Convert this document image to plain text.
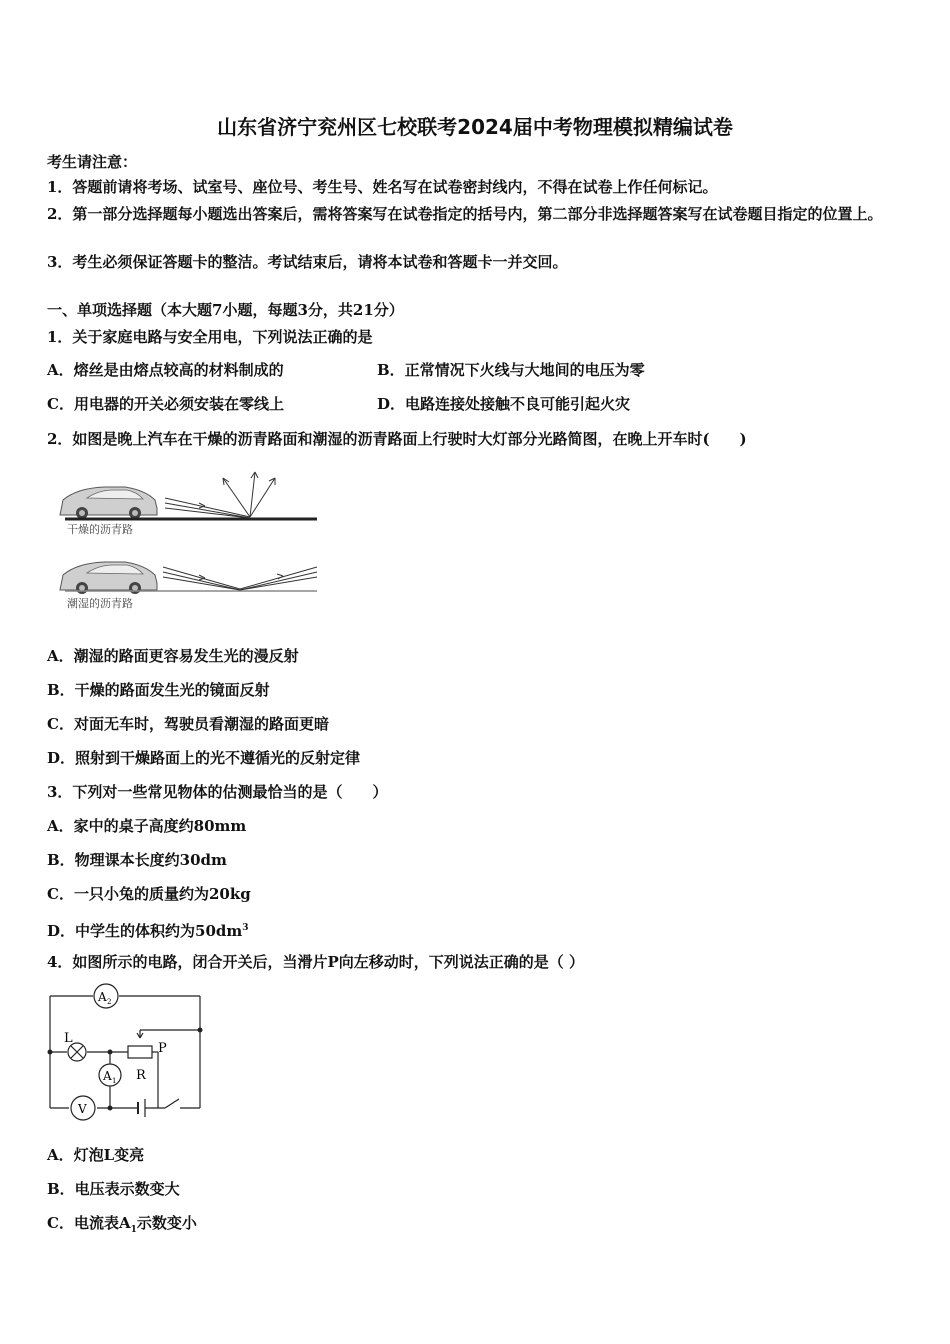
山东省济宁兖州区七校联考2024届中考物理模拟精编试卷
考生请注意：
1．答题前请将考场、试室号、座位号、考生号、姓名写在试卷密封线内，不得在试卷上作任何标记。
2．第一部分选择题每小题选出答案后，需将答案写在试卷指定的括号内，第二部分非选择题答案写在试卷题目指定的位置上。
3．考生必须保证答题卡的整洁。考试结束后，请将本试卷和答题卡一并交回。
一、单项选择题（本大题7小题，每题3分，共21分）
1．关于家庭电路与安全用电，下列说法正确的是
A．熔丝是由熔点较高的材料制成的	B．正常情况下火线与大地间的电压为零
C．用电器的开关必须安装在零线上	D．电路连接处接触不良可能引起火灾
2．如图是晚上汽车在干燥的沥青路面和潮湿的沥青路面上行驶时大灯部分光路简图，在晚上开车时(　　)
干燥的沥青路
潮湿的沥青路
A．潮湿的路面更容易发生光的漫反射
B．干燥的路面发生光的镜面反射
C．对面无车时，驾驶员看潮湿的路面更暗
D．照射到干燥路面上的光不遵循光的反射定律
3．下列对一些常见物体的估测最恰当的是（　　）
A．家中的桌子高度约80mm
B．物理课本长度约30dm
C．一只小兔的质量约为20kg
D．中学生的体积约为$50dm^3$
4．如图所示的电路，闭合开关后，当滑片P向左移动时，下列说法正确的是（ ）
A 2
L
P
A 1 R
V
A．灯泡L变亮
B．电压表示数变大
C．电流表$A_1$示数变小
